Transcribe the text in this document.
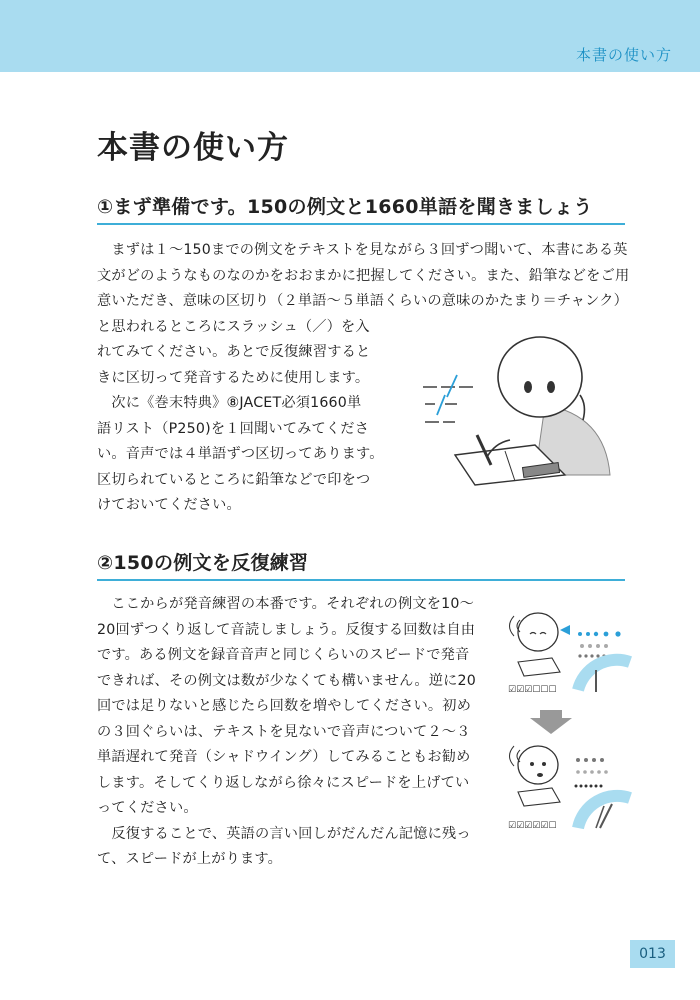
本書の使い方
本書の使い方
①まず準備です。150の例文と1660単語を聞きましょう
　まずは１～150までの例文をテキストを見ながら３回ずつ聞いて、本書にある英
文がどのようなものなのかをおおまかに把握してください。また、鉛筆などをご用
意いただき、意味の区切り（２単語～５単語くらいの意味のかたまり＝チャンク）
と思われるところにスラッシュ（／）を入
れてみてください。あとで反復練習すると
きに区切って発音するために使用します。
　次に《巻末特典》⑧JACET必須1660単
語リスト（P250)を１回聞いてみてくださ
い。音声では４単語ずつ区切ってあります。
区切られているところに鉛筆などで印をつ
けておいてください。
②150の例文を反復練習
　ここからが発音練習の本番です。それぞれの例文を10～
20回ずつくり返して音読しましょう。反復する回数は自由
です。ある例文を録音音声と同じくらいのスピードで発音
できれば、その例文は数が少なくても構いません。逆に20
回では足りないと感じたら回数を増やしてください。初め
の３回ぐらいは、テキストを見ないで音声について２～３
単語遅れて発音（シャドウイング）してみることもお勧め
します。そしてくり返しながら徐々にスピードを上げてい
ってください。
　反復することで、英語の言い回しがだんだん記憶に残っ
て、スピードが上がります。
☑☑☑☐☐☐
☑☑☑☑☑☐
013
